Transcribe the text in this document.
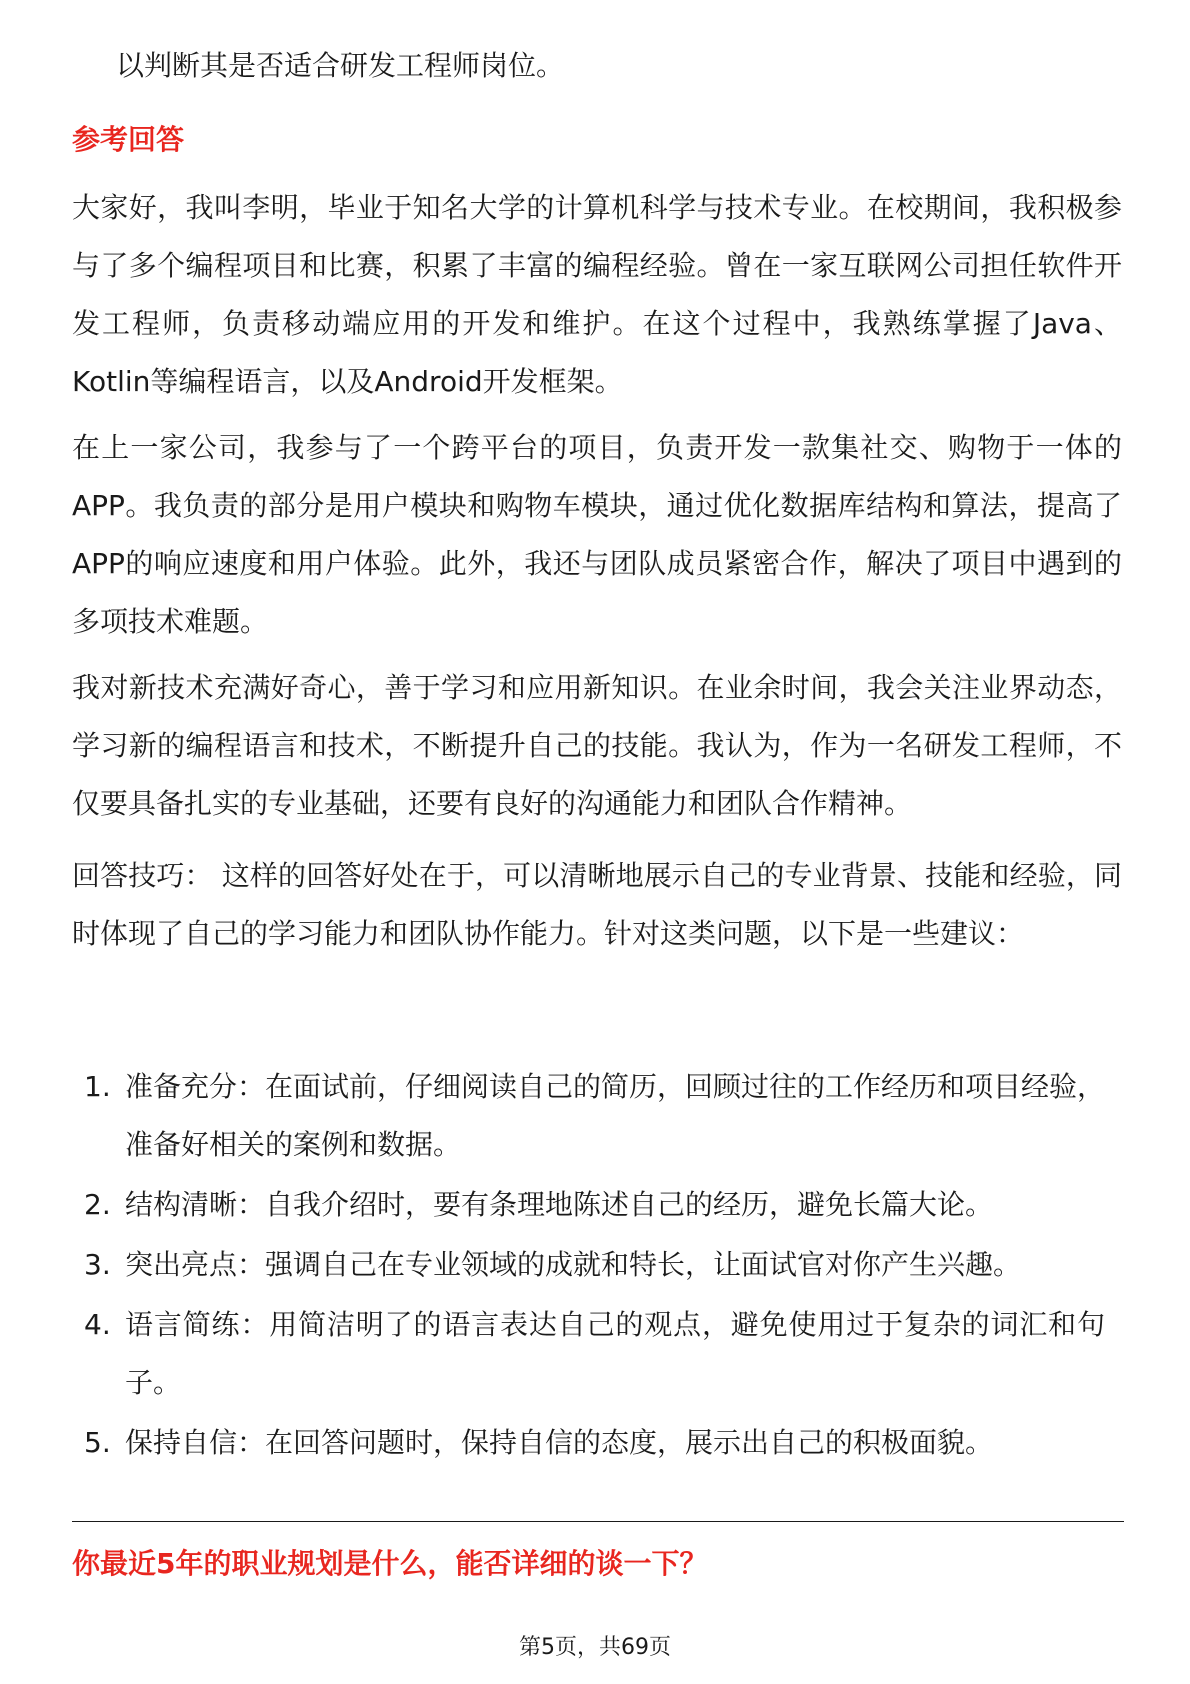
以判断其是否适合研发工程师岗位。
参考回答
大家好，我叫李明，毕业于知名大学的计算机科学与技术专业。在校期间，我积极参与了多个编程项目和比赛，积累了丰富的编程经验。曾在一家互联网公司担任软件开发工程师，负责移动端应用的开发和维护。在这个过程中，我熟练掌握了Java、Kotlin等编程语言，以及Android开发框架。
在上一家公司，我参与了一个跨平台的项目，负责开发一款集社交、购物于一体的APP。我负责的部分是用户模块和购物车模块，通过优化数据库结构和算法，提高了APP的响应速度和用户体验。此外，我还与团队成员紧密合作，解决了项目中遇到的多项技术难题。
我对新技术充满好奇心，善于学习和应用新知识。在业余时间，我会关注业界动态，学习新的编程语言和技术，不断提升自己的技能。我认为，作为一名研发工程师，不仅要具备扎实的专业基础，还要有良好的沟通能力和团队合作精神。
回答技巧： 这样的回答好处在于，可以清晰地展示自己的专业背景、技能和经验，同时体现了自己的学习能力和团队协作能力。针对这类问题，以下是一些建议：
1. 准备充分：在面试前，仔细阅读自己的简历，回顾过往的工作经历和项目经验，准备好相关的案例和数据。
2. 结构清晰：自我介绍时，要有条理地陈述自己的经历，避免长篇大论。
3. 突出亮点：强调自己在专业领域的成就和特长，让面试官对你产生兴趣。
4. 语言简练：用简洁明了的语言表达自己的观点，避免使用过于复杂的词汇和句子。
5. 保持自信：在回答问题时，保持自信的态度，展示出自己的积极面貌。
你最近5年的职业规划是什么，能否详细的谈一下？
第5页，共69页
